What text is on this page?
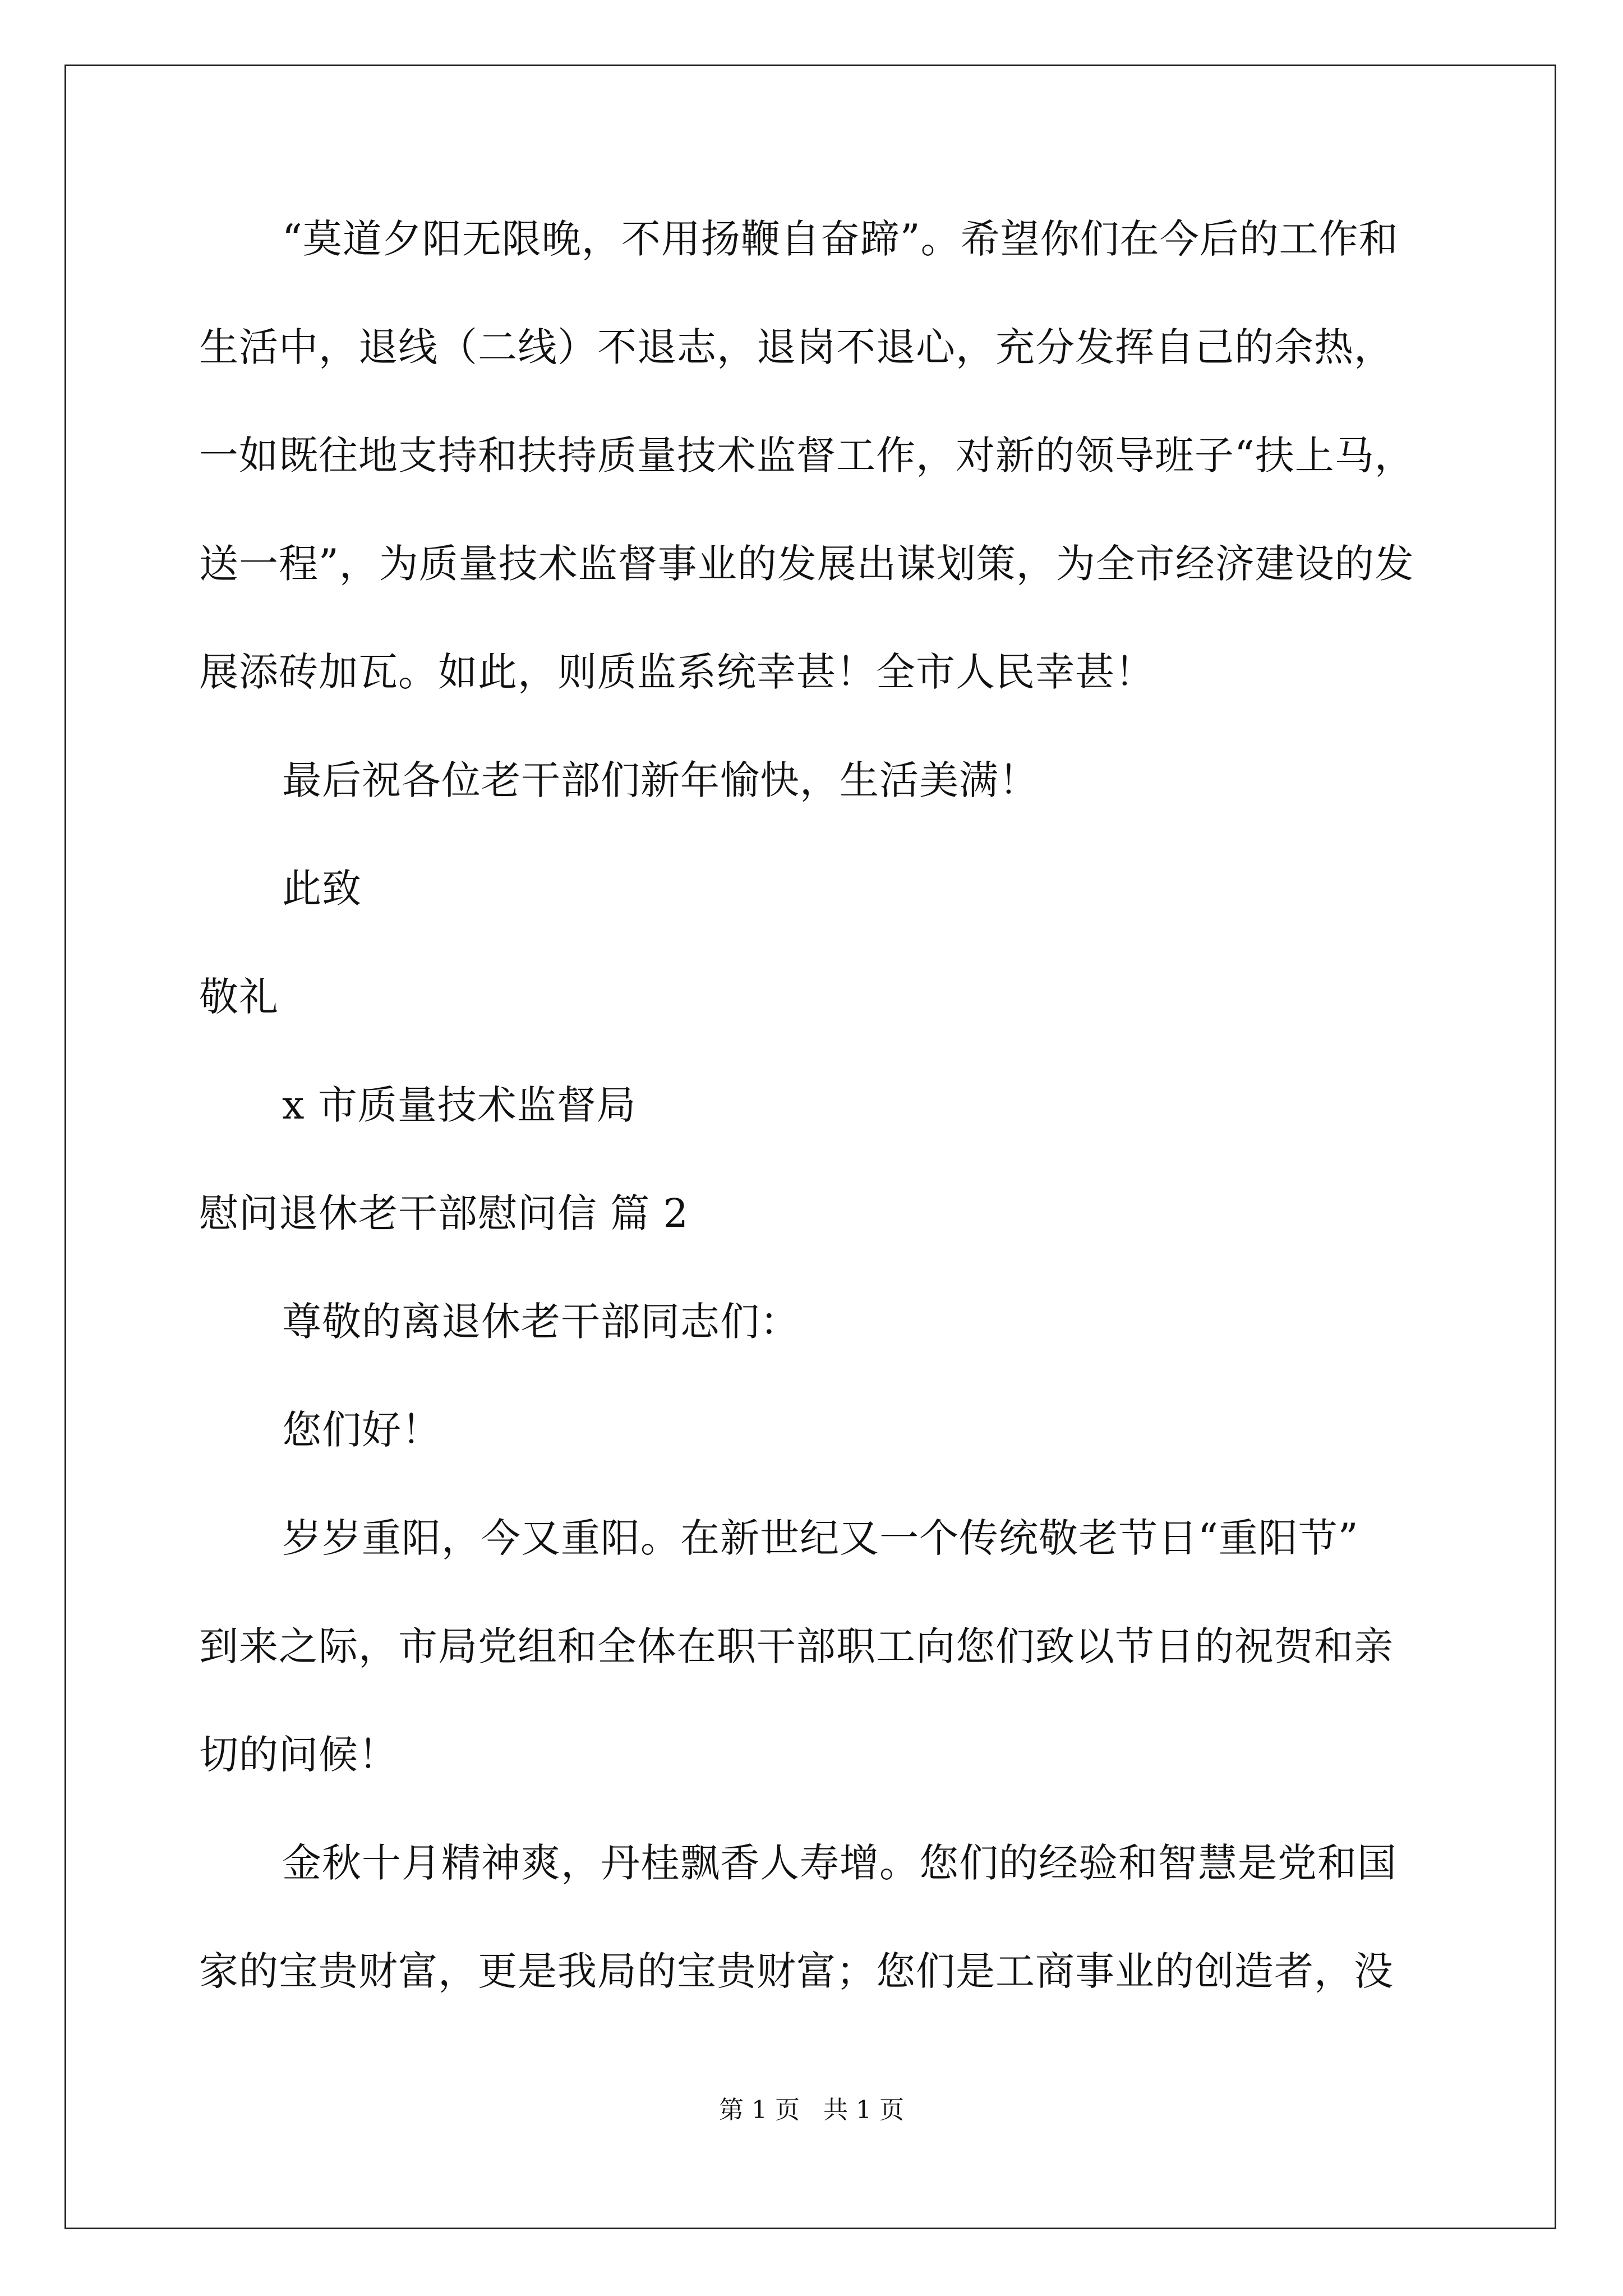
“莫道夕阳无限晚，不用扬鞭自奋蹄”。希望你们在今后的工作和
生活中，退线（二线）不退志，退岗不退心，充分发挥自己的余热，
一如既往地支持和扶持质量技术监督工作，对新的领导班子“扶上马，
送一程”，为质量技术监督事业的发展出谋划策，为全市经济建设的发
展添砖加瓦。如此，则质监系统幸甚！全市人民幸甚！
最后祝各位老干部们新年愉快，生活美满！
此致
敬礼
x 市质量技术监督局
慰问退休老干部慰问信 篇 2
尊敬的离退休老干部同志们：
您们好！
岁岁重阳，今又重阳。在新世纪又一个传统敬老节日“重阳节”
到来之际，市局党组和全体在职干部职工向您们致以节日的祝贺和亲
切的问候！
金秋十月精神爽，丹桂飘香人寿增。您们的经验和智慧是党和国
家的宝贵财富，更是我局的宝贵财富；您们是工商事业的创造者，没
第 1 页   共 1 页
